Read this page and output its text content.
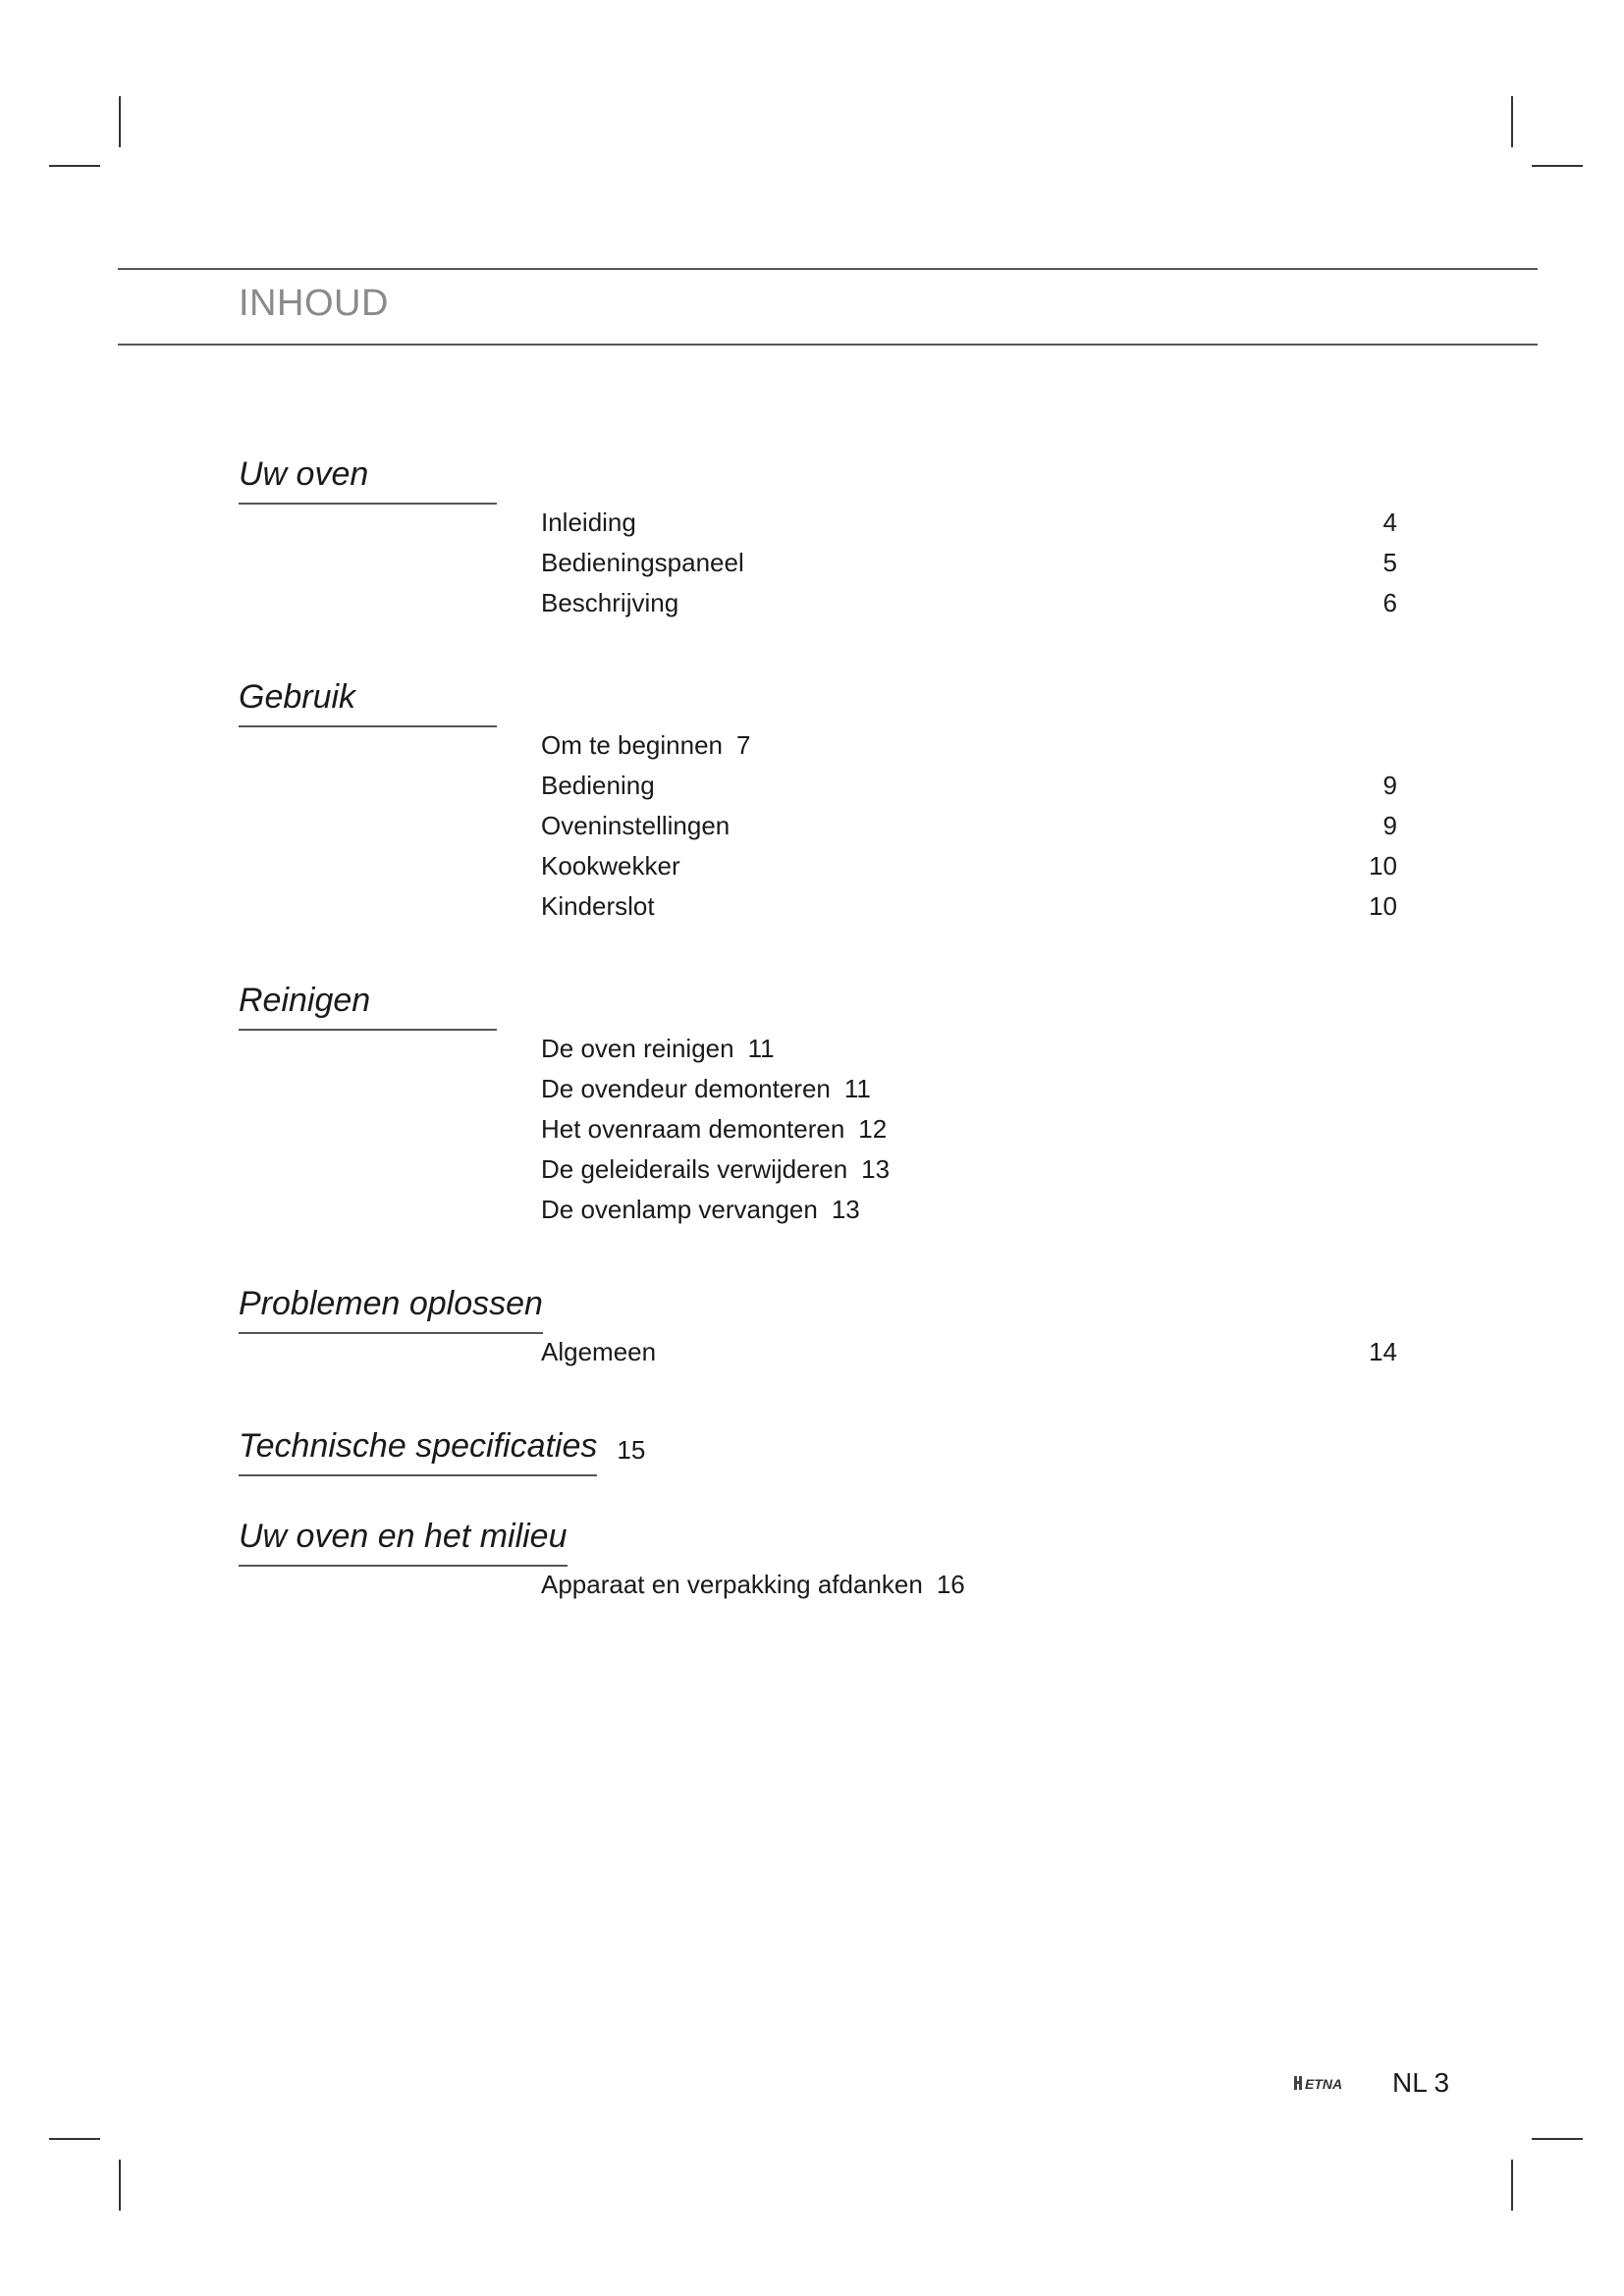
INHOUD
Uw oven
Inleiding	4
Bedieningspaneel	5
Beschrijving	6
Gebruik
Om te beginnen 7
Bediening	9
Oveninstellingen	9
Kookwekker	10
Kinderslot	10
Reinigen
De oven reinigen 11
De ovendeur demonteren 11
Het ovenraam demonteren 12
De geleiderails verwijderen 13
De ovenlamp vervangen 13
Problemen oplossen
Algemeen	14
Technische specificaties 15
Uw oven en het milieu
Apparaat en verpakking afdanken 16
ETNA NL 3
